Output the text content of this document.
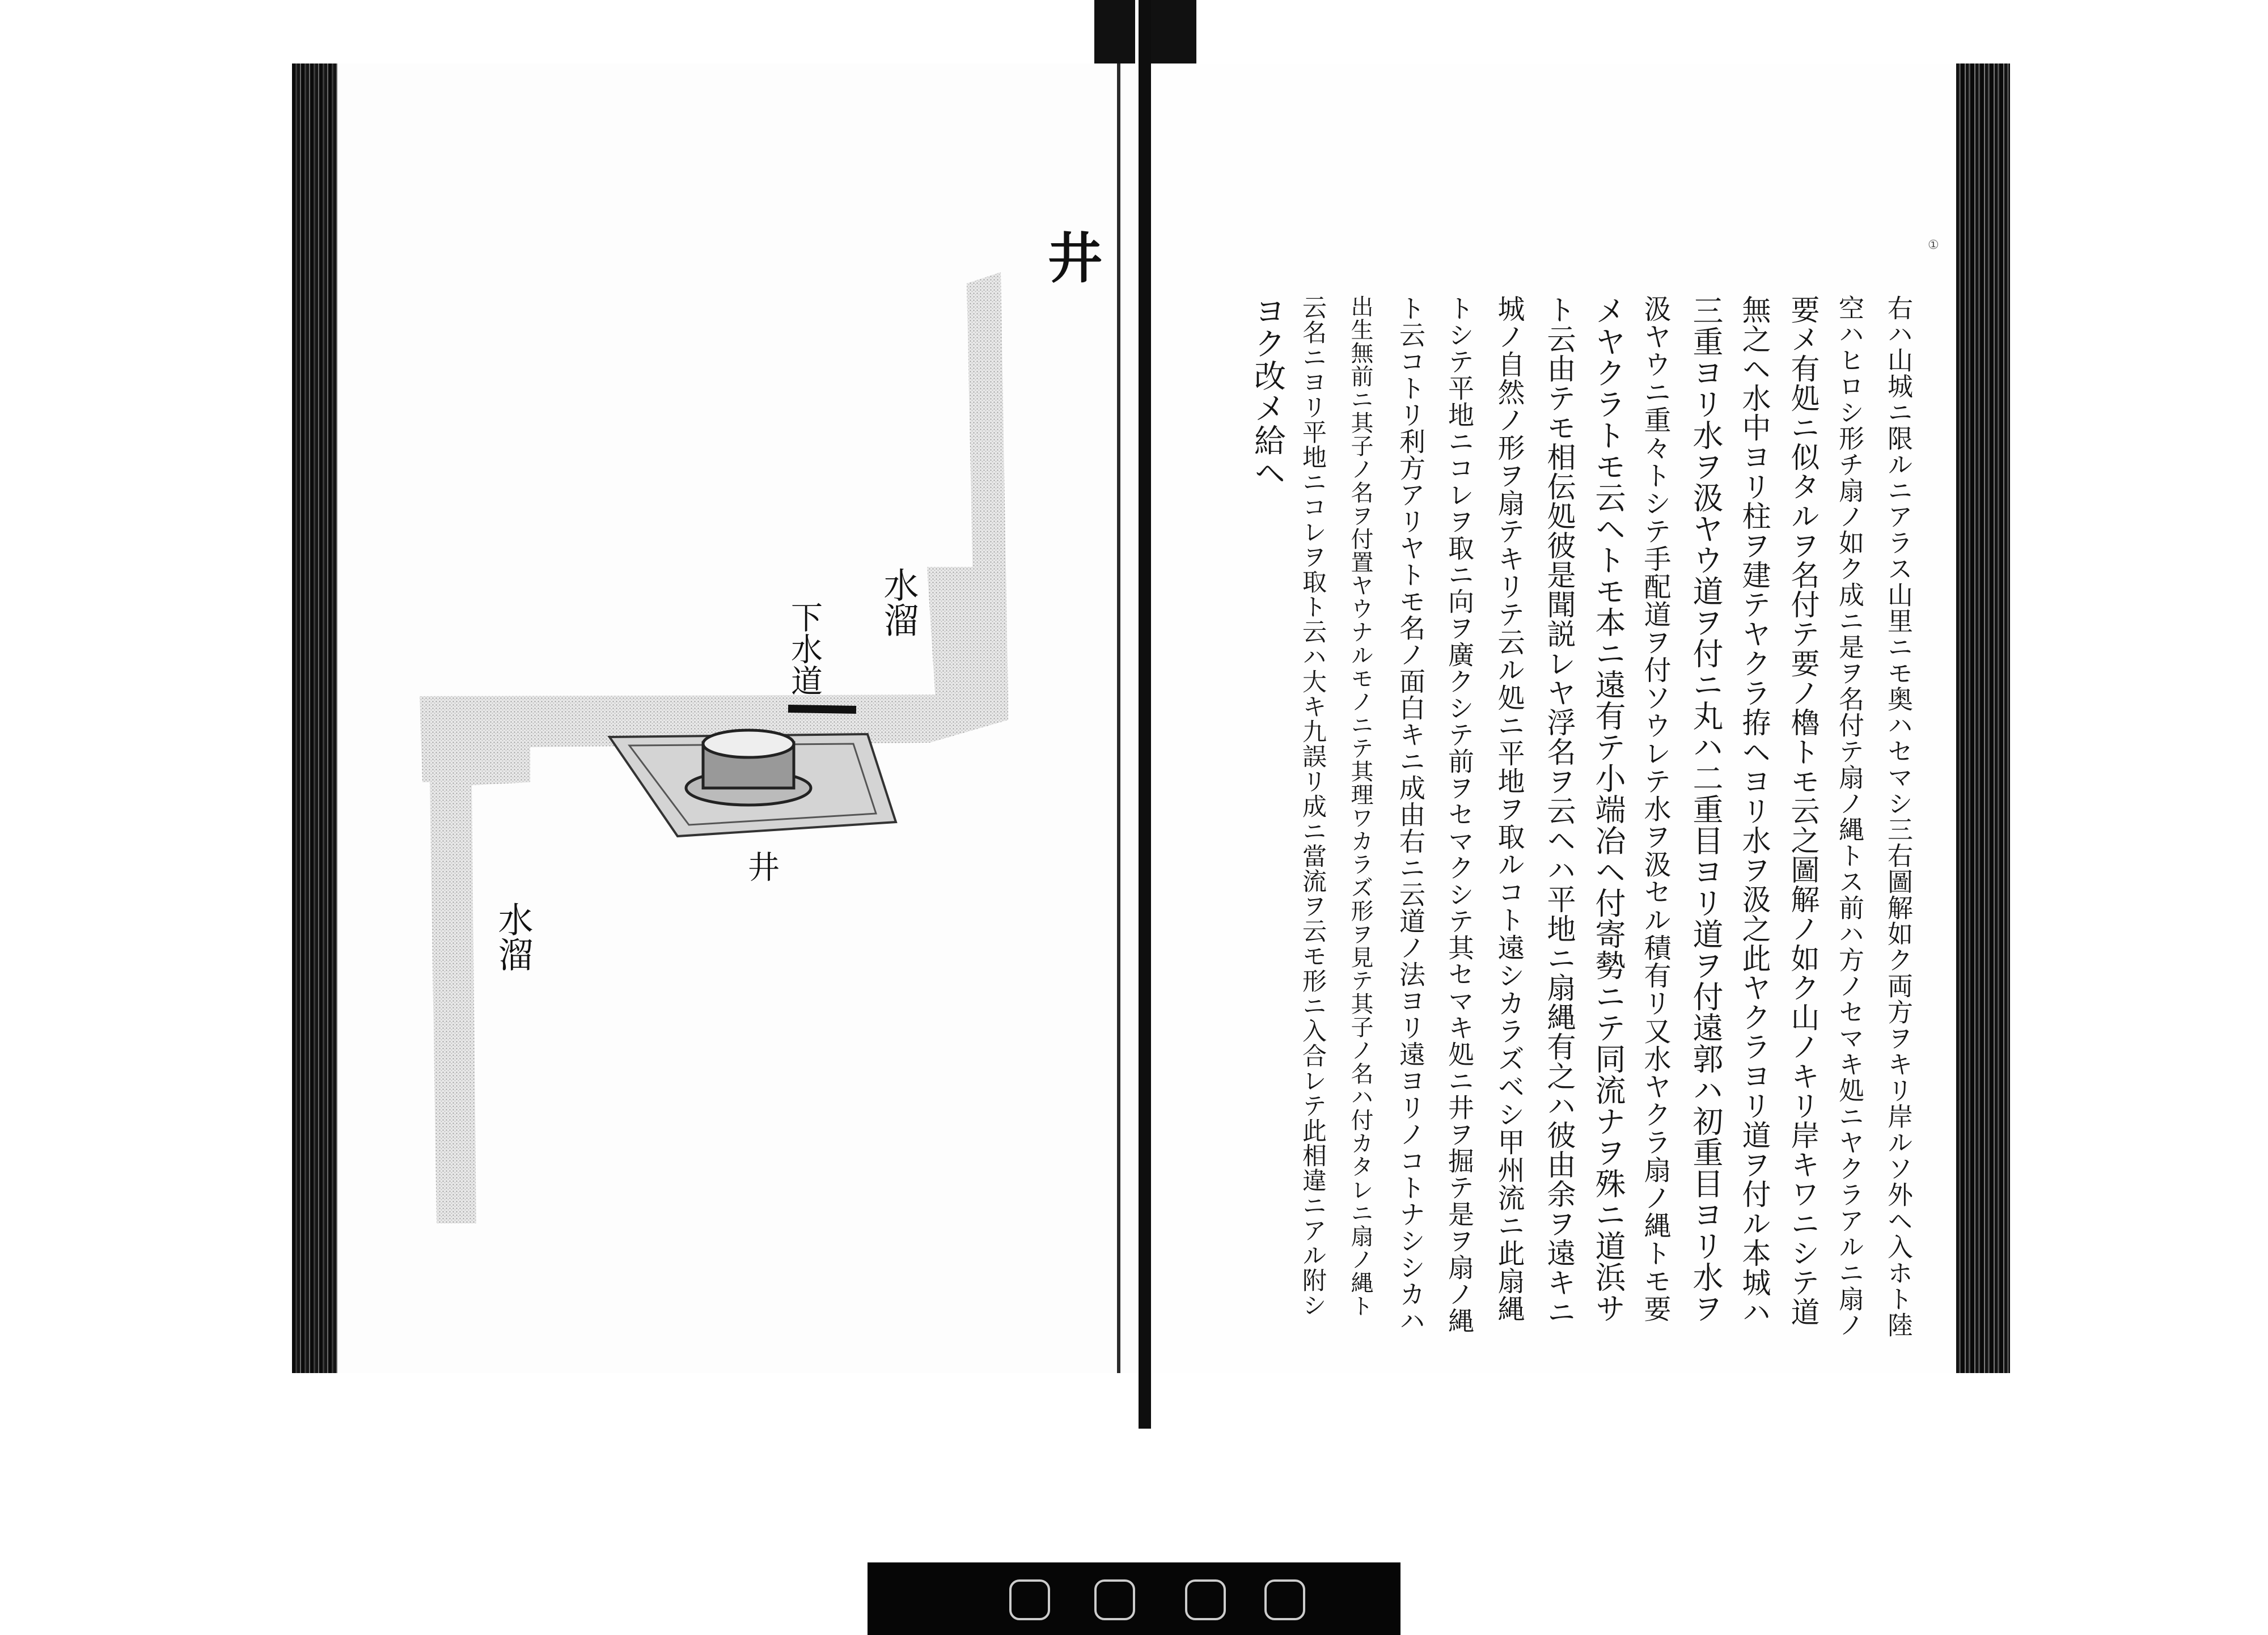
①
井
水溜
下水道
水溜
井	右ハ山城ニ限ルニアラス山里ニモ奥ハセマシ三右圖解如ク両方ヲキリ岸ルソ外ヘ入ホト陸
空ハヒロシ形チ扇ノ如ク成ニ是ヲ名付テ扇ノ縄トス前ハ方ノセマキ処ニヤクラアルニ扇ノ
要メ有処ニ似タルヲ名付テ要ノ櫓トモ云之圖解ノ如ク山ノキリ岸キワニシテ道
無之ヘ水中ヨリ柱ヲ建テヤクラ拵ヘヨリ水ヲ汲之此ヤクラヨリ道ヲ付ル本城ハ
三重ヨリ水ヲ汲ヤウ道ヲ付ニ丸ハ二重目ヨリ道ヲ付遠郭ハ初重目ヨリ水ヲ
汲ヤウニ重々トシテ手配道ヲ付ソウレテ水ヲ汲セル積有リ又水ヤクラ扇ノ縄トモ要
メヤクラトモ云ヘトモ本ニ遠有テ小端冶ヘ付寄勢ニテ同流ナヲ殊ニ道浜サ
ト云由テモ相伝処彼是聞説レヤ浮名ヲ云ヘハ平地ニ扇縄有之ハ彼由余ヲ遠キニ
城ノ自然ノ形ヲ扇テキリテ云ル処ニ平地ヲ取ルコト遠シカラズベシ甲州流ニ此扇縄
トシテ平地ニコレヲ取ニ向ヲ廣クシテ前ヲセマクシテ其セマキ処ニ井ヲ掘テ是ヲ扇ノ縄
ト云コトリ利方アリヤトモ名ノ面白キニ成由右ニ云道ノ法ヨリ遠ヨリノコトナシシカハ
出生無前ニ其子ノ名ヲ付置ヤウナルモノニテ其理ワカラズ形ヲ見テ其子ノ名ハ付カタレニ扇ノ縄ト
云名ニヨリ平地ニコレヲ取ト云ハ大キ九誤リ成ニ當流ヲ云モ形ニ入合レテ此相違ニアル附シ
ヨク改メ給ヘ
